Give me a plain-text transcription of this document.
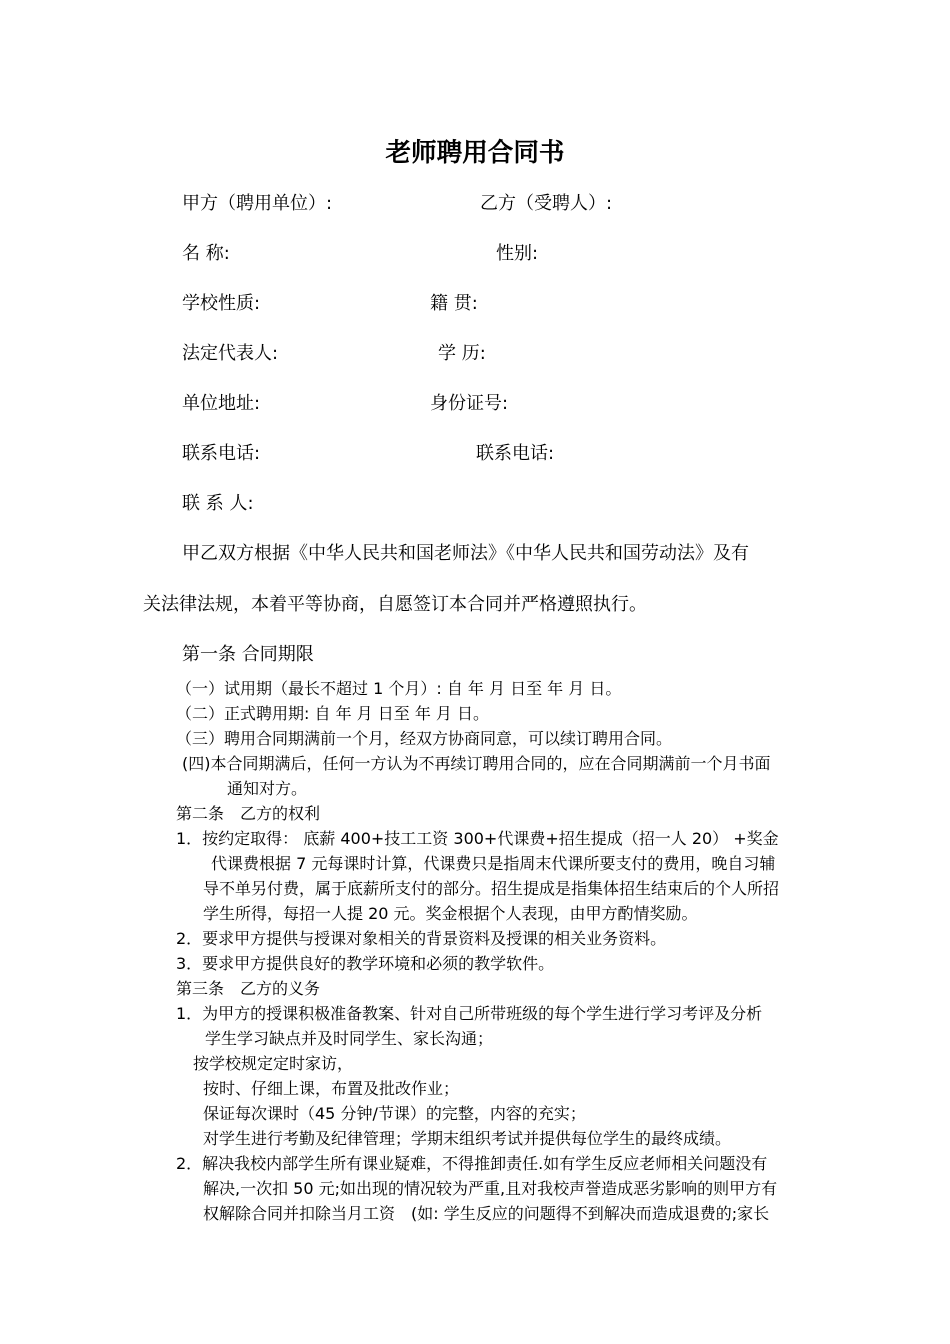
老师聘用合同书

甲方（聘用单位）:	乙方（受聘人）:

名 称:	性别:

学校性质:	籍 贯:

法定代表人:	学 历:

单位地址:	身份证号:

联系电话:	联系电话:

联 系 人:

甲乙双方根据《中华人民共和国老师法》《中华人民共和国劳动法》及有

关法律法规，本着平等协商，自愿签订本合同并严格遵照执行。

第一条 合同期限

（一）试用期（最长不超过 1 个月）: 自 年 月 日至 年 月 日。

（二）正式聘用期: 自 年 月 日至 年 月 日。

（三）聘用合同期满前一个月，经双方协商同意，可以续订聘用合同。

(四)本合同期满后，任何一方认为不再续订聘用合同的，应在合同期满前一个月书面

通知对方。

第二条　乙方的权利

1．按约定取得： 底薪 400+技工工资 300+代课费+招生提成（招一人 20） +奖金

代课费根据 7 元每课时计算，代课费只是指周末代课所要支付的费用，晚自习辅

导不单另付费，属于底薪所支付的部分。招生提成是指集体招生结束后的个人所招

学生所得，每招一人提 20 元。奖金根据个人表现，由甲方酌情奖励。

2．要求甲方提供与授课对象相关的背景资料及授课的相关业务资料。

3．要求甲方提供良好的教学环境和必须的教学软件。

第三条　乙方的义务

1．为甲方的授课积极准备教案、针对自己所带班级的每个学生进行学习考评及分析

学生学习缺点并及时同学生、家长沟通；

按学校规定定时家访，

按时、仔细上课，布置及批改作业；

保证每次课时（45 分钟/节课）的完整，内容的充实；

对学生进行考勤及纪律管理；学期末组织考试并提供每位学生的最终成绩。

2．解决我校内部学生所有课业疑难，不得推卸责任.如有学生反应老师相关问题没有

解决,一次扣 50 元;如出现的情况较为严重,且对我校声誉造成恶劣影响的则甲方有

权解除合同并扣除当月工资　(如: 学生反应的问题得不到解决而造成退费的;家长
